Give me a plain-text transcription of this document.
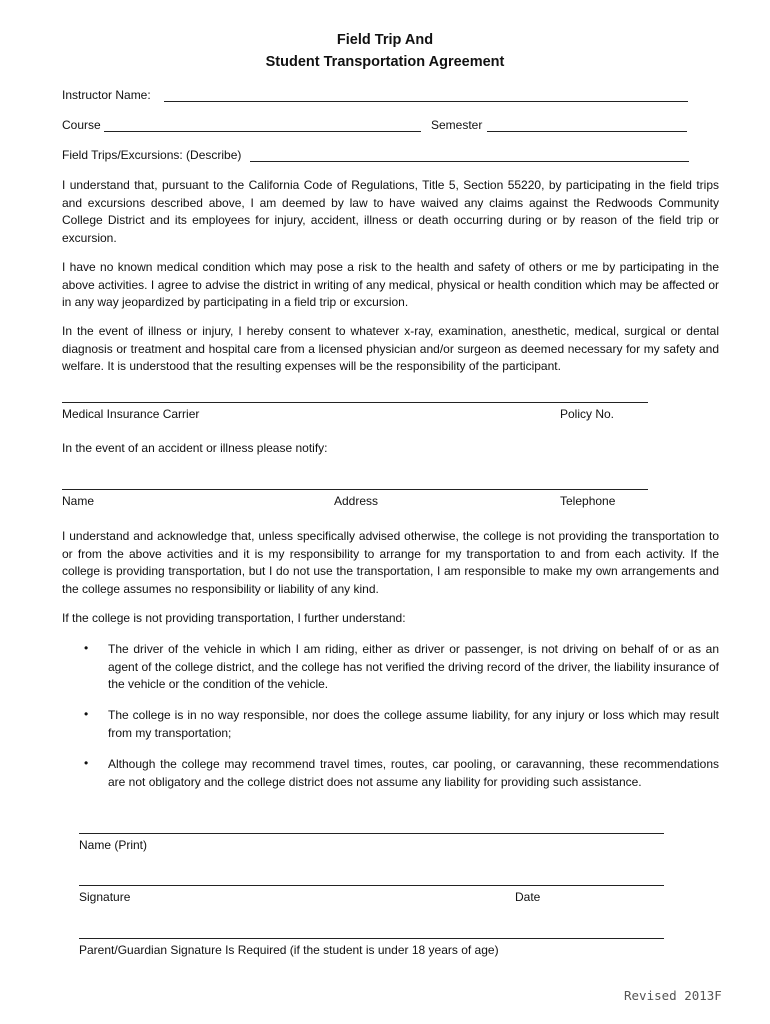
Field Trip And
Student Transportation Agreement
Instructor Name:
Course	Semester
Field Trips/Excursions: (Describe)
I understand that, pursuant to the California Code of Regulations, Title 5, Section 55220, by participating in the field trips and excursions described above, I am deemed by law to have waived any claims against the Redwoods Community College District and its employees for injury, accident, illness or death occurring during or by reason of the field trip or excursion.
I have no known medical condition which may pose a risk to the health and safety of others or me by participating in the above activities. I agree to advise the district in writing of any medical, physical or health condition which may be affected or in any way jeopardized by participating in a field trip or excursion.
In the event of illness or injury, I hereby consent to whatever x-ray, examination, anesthetic, medical, surgical or dental diagnosis or treatment and hospital care from a licensed physician and/or surgeon as deemed necessary for my safety and welfare. It is understood that the resulting expenses will be the responsibility of the participant.
Medical Insurance Carrier	Policy No.
In the event of an accident or illness please notify:
Name	Address	Telephone
I understand and acknowledge that, unless specifically advised otherwise, the college is not providing the transportation to or from the above activities and it is my responsibility to arrange for my transportation to and from each activity. If the college is providing transportation, but I do not use the transportation, I am responsible to make my own arrangements and the college assumes no responsibility or liability of any kind.
If the college is not providing transportation, I further understand:
• The driver of the vehicle in which I am riding, either as driver or passenger, is not driving on behalf of or as an agent of the college district, and the college has not verified the driving record of the driver, the liability insurance of the vehicle or the condition of the vehicle.
• The college is in no way responsible, nor does the college assume liability, for any injury or loss which may result from my transportation;
• Although the college may recommend travel times, routes, car pooling, or caravanning, these recommendations are not obligatory and the college district does not assume any liability for providing such assistance.
Name (Print)
Signature	Date
Parent/Guardian Signature Is Required (if the student is under 18 years of age)
Revised 2013F
